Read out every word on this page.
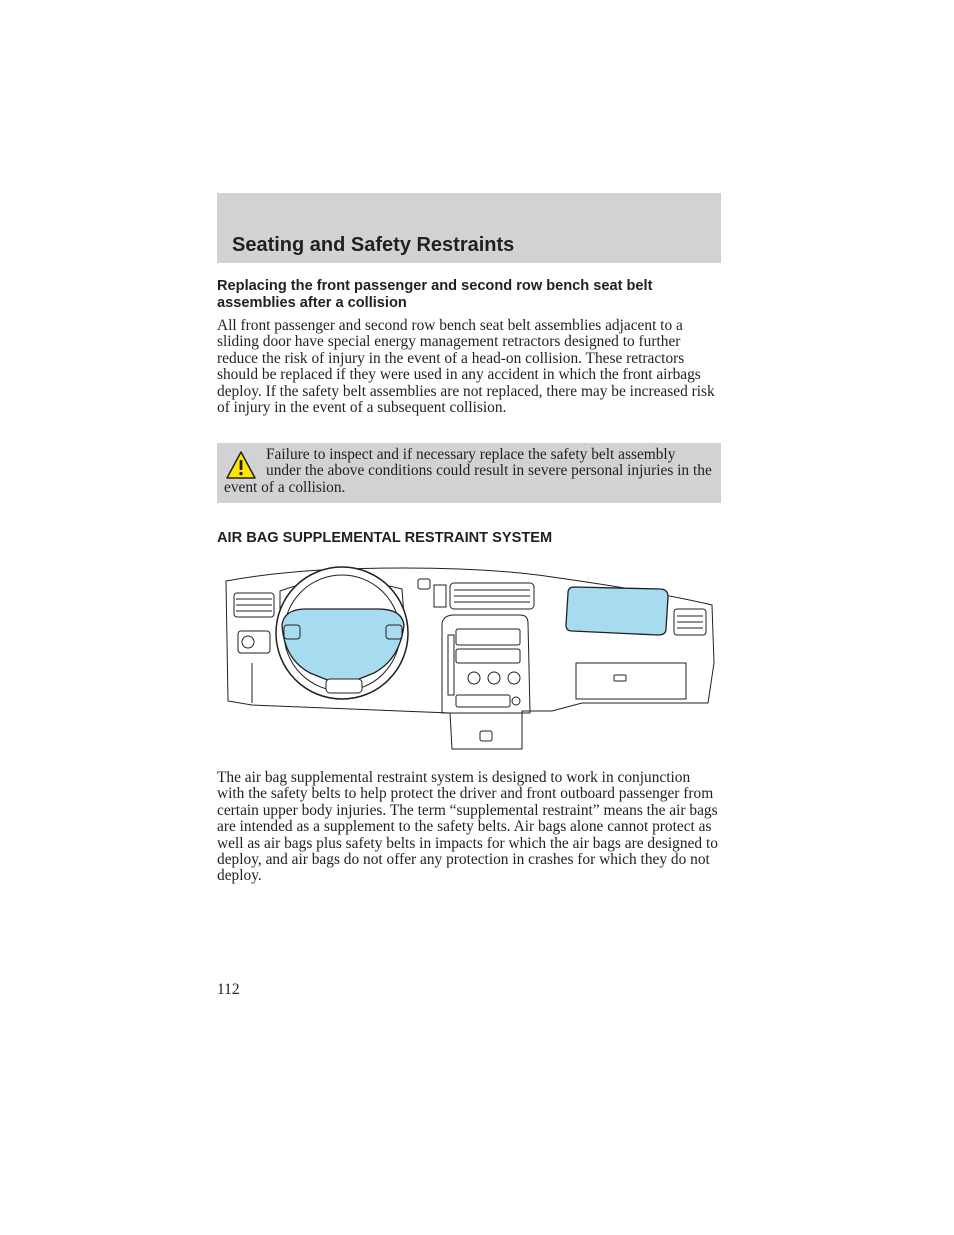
Seating and Safety Restraints
Replacing the front passenger and second row bench seat belt assemblies after a collision

All front passenger and second row bench seat belt assemblies adjacent to a sliding door have special energy management retractors designed to further reduce the risk of injury in the event of a head-on collision. These retractors should be replaced if they were used in any accident in which the front airbags deploy. If the safety belt assemblies are not replaced, there may be increased risk of injury in the event of a subsequent collision.

Failure to inspect and if necessary replace the safety belt assembly under the above conditions could result in severe personal injuries in the event of a collision.

AIR BAG SUPPLEMENTAL RESTRAINT SYSTEM

The air bag supplemental restraint system is designed to work in conjunction with the safety belts to help protect the driver and front outboard passenger from certain upper body injuries. The term “supplemental restraint” means the air bags are intended as a supplement to the safety belts. Air bags alone cannot protect as well as air bags plus safety belts in impacts for which the air bags are designed to deploy, and air bags do not offer any protection in crashes for which they do not deploy.

112
